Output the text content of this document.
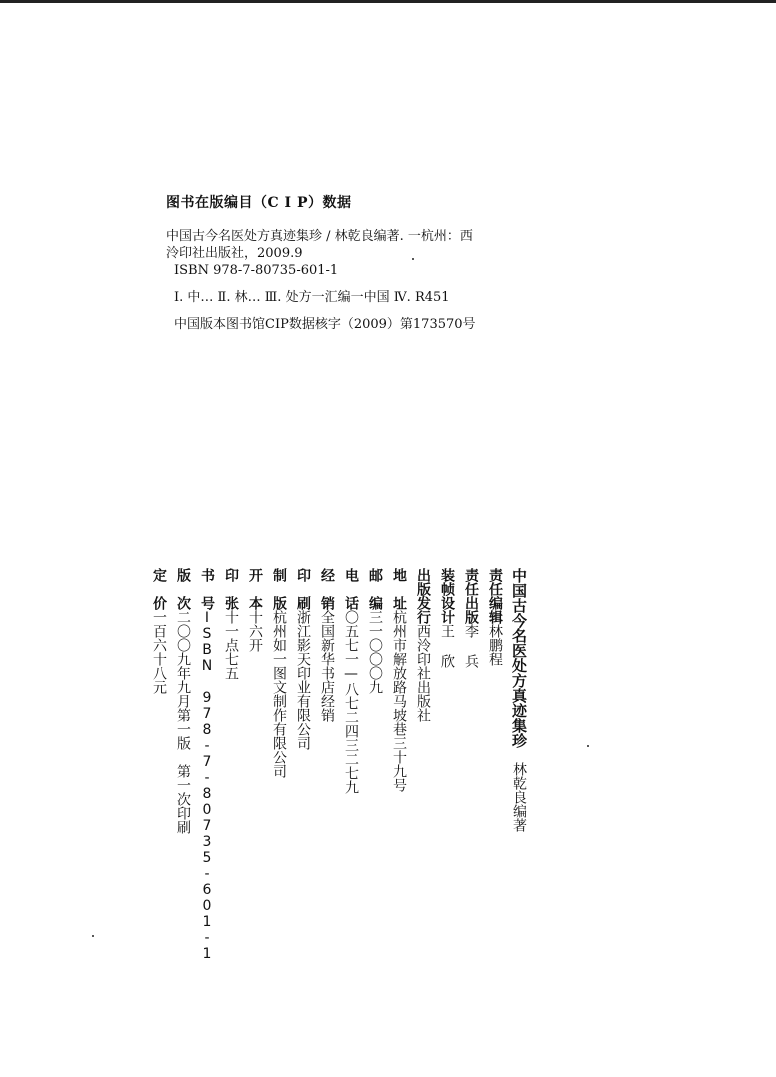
图书在版编目（C I P）数据
中国古今名医处方真迹集珍 / 林乾良编著. 一杭州：西
泠印社出版社，2009.9
ISBN 978-7-80735-601-1
Ⅰ. 中… Ⅱ. 林… Ⅲ. 处方一汇编一中国 Ⅳ. R451
中国版本图书馆CIP数据核字（2009）第173570号
中国古今名医处方真迹集珍林乾良编著
责任编辑林鹏程
责任出版李 兵
装帧设计王 欣
出版发行西泠印社出版社
地　址杭州市解放路马坡巷三十九号
邮　编三一〇〇〇九
电　话〇五七一—八七二四三二七九
经　销全国新华书店经销
印　刷浙江影天印业有限公司
制　版杭州如一图文制作有限公司
开　本十六开
印　张十一点七五
书　号ISBN 978-7-80735-601-1
版　次二〇〇九年九月第一版　第一次印刷
定　价一百六十八元
